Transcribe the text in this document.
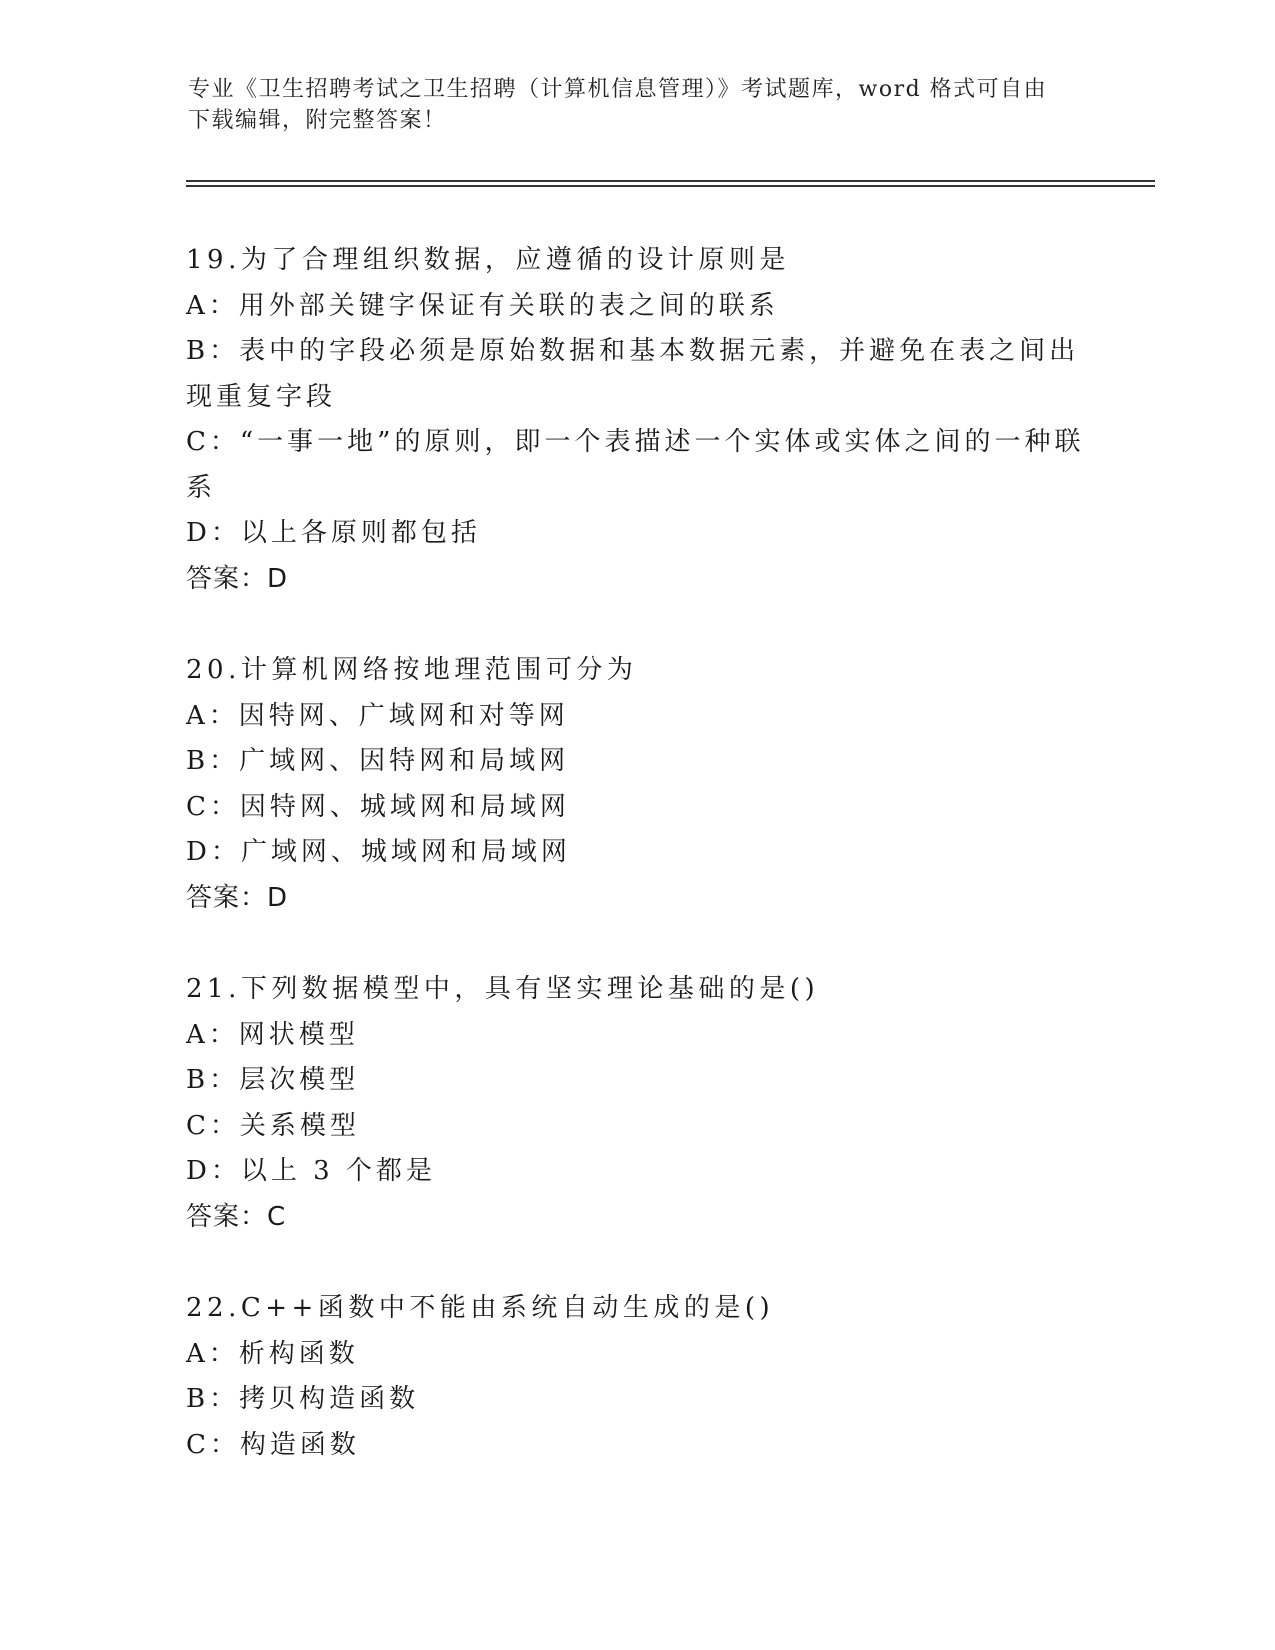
专业《卫生招聘考试之卫生招聘（计算机信息管理）》考试题库，word 格式可自由下载编辑，附完整答案！
19.为了合理组织数据，应遵循的设计原则是
A：用外部关键字保证有关联的表之间的联系
B：表中的字段必须是原始数据和基本数据元素，并避免在表之间出现重复字段
C：“一事一地”的原则，即一个表描述一个实体或实体之间的一种联系
D：以上各原则都包括
答案：D
20.计算机网络按地理范围可分为
A：因特网、广域网和对等网
B：广域网、因特网和局域网
C：因特网、城域网和局域网
D：广域网、城域网和局域网
答案：D
21.下列数据模型中，具有坚实理论基础的是()
A：网状模型
B：层次模型
C：关系模型
D：以上 3 个都是
答案：C
22.C++函数中不能由系统自动生成的是()
A：析构函数
B：拷贝构造函数
C：构造函数
